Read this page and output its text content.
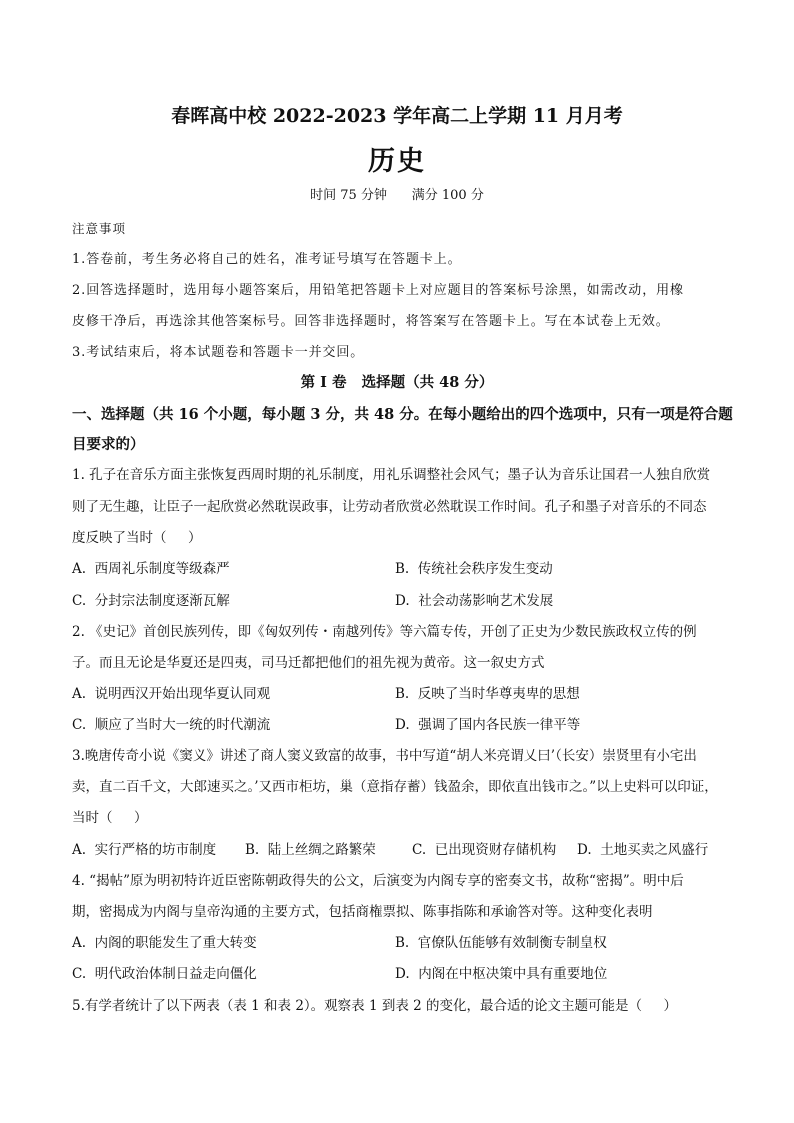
春晖高中校 2022-2023 学年高二上学期 11 月月考
历史
时间 75 分钟      满分 100 分
注意事项
1.答卷前，考生务必将自己的姓名，准考证号填写在答题卡上。
2.回答选择题时，选用每小题答案后，用铅笔把答题卡上对应题目的答案标号涂黑，如需改动，用橡
皮修干净后，再选涂其他答案标号。回答非选择题时，将答案写在答题卡上。写在本试卷上无效。
3.考试结束后，将本试题卷和答题卡一并交回。
第 I 卷   选择题（共 48 分）
一、选择题（共 16 个小题，每小题 3 分，共 48 分。在每小题给出的四个选项中，只有一项是符合题
目要求的）
1. 孔子在音乐方面主张恢复西周时期的礼乐制度，用礼乐调整社会风气；墨子认为音乐让国君一人独自欣赏
则了无生趣，让臣子一起欣赏必然耽误政事，让劳动者欣赏必然耽误工作时间。孔子和墨子对音乐的不同态
度反映了当时（     ）
A.  西周礼乐制度等级森严	B.  传统社会秩序发生变动
C.  分封宗法制度逐渐瓦解	D.  社会动荡影响艺术发展
2. 《史记》首创民族列传，即《匈奴列传・南越列传》等六篇专传，开创了正史为少数民族政权立传的例
子。而且无论是华夏还是四夷，司马迁都把他们的祖先视为黄帝。这一叙史方式
A.  说明西汉开始出现华夏认同观	B.  反映了当时华尊夷卑的思想
C.  顺应了当时大一统的时代潮流	D.  强调了国内各民族一律平等
3.晚唐传奇小说《窦义》讲述了商人窦义致富的故事，书中写道“胡人米亮谓乂曰’（长安）崇贤里有小宅出
卖，直二百千文，大郎速买之。’又西市柜坊，巢（意指存蓄）钱盈余，即依直出钱市之。”以上史料可以印证，
当时（     ）
A.  实行严格的坊市制度 B.  陆上丝绸之路繁荣	C.  已出现资财存储机构 D.  土地买卖之风盛行
4. “揭帖”原为明初特许近臣密陈朝政得失的公文，后演变为内阁专享的密奏文书，故称“密揭”。明中后
期，密揭成为内阁与皇帝沟通的主要方式，包括商権票拟、陈事指陈和承谕答对等。这种变化表明
A.  内阁的职能发生了重大转变	B.  官僚队伍能够有效制衡专制皇权
C.  明代政治体制日益走向僵化	D.  内阁在中枢决策中具有重要地位
5.有学者统计了以下两表（表 1 和表 2）。观察表 1 到表 2 的变化，最合适的论文主题可能是（     ）
